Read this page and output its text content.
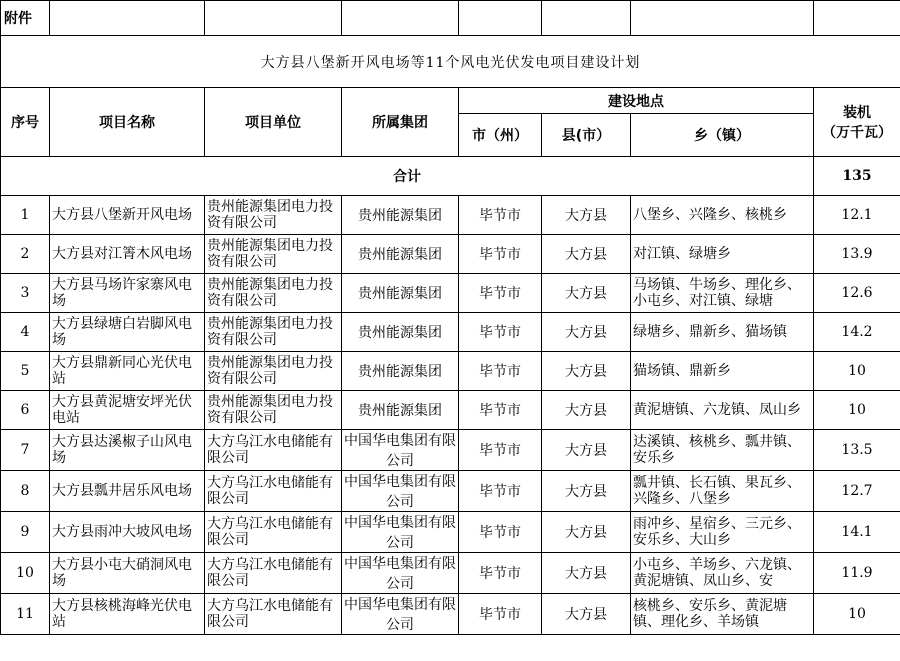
附件							
大方县八堡新开风电场等11个风电光伏发电项目建设计划							
序号	项目名称	项目单位	所属集团	建设地点			装机
（万千瓦）

				市（州）	县(市）	乡（镇）	
合计							135
1	大方县八堡新开风电场	贵州能源集团电力投资有限公司	贵州能源集团	毕节市	大方县	八堡乡、兴隆乡、核桃乡	12.1
2	大方县对江箐木风电场	贵州能源集团电力投资有限公司	贵州能源集团	毕节市	大方县	对江镇、绿塘乡	13.9
3	大方县马场许家寨风电场	贵州能源集团电力投资有限公司	贵州能源集团	毕节市	大方县	马场镇、牛场乡、理化乡、小屯乡、对江镇、绿塘	12.6
4	大方县绿塘白岩脚风电场	贵州能源集团电力投资有限公司	贵州能源集团	毕节市	大方县	绿塘乡、鼎新乡、猫场镇	14.2
5	大方县鼎新同心光伏电站	贵州能源集团电力投资有限公司	贵州能源集团	毕节市	大方县	猫场镇、鼎新乡	10
6	大方县黄泥塘安坪光伏电站	贵州能源集团电力投资有限公司	贵州能源集团	毕节市	大方县	黄泥塘镇、六龙镇、凤山乡	10
7	大方县达溪椒子山风电场	大方乌江水电储能有限公司	中国华电集团有限公司	毕节市	大方县	达溪镇、核桃乡、瓢井镇、安乐乡	13.5
8	大方县瓢井居乐风电场	大方乌江水电储能有限公司	中国华电集团有限公司	毕节市	大方县	瓢井镇、长石镇、果瓦乡、兴隆乡、八堡乡	12.7
9	大方县雨冲大坡风电场	大方乌江水电储能有限公司	中国华电集团有限公司	毕节市	大方县	雨冲乡、星宿乡、三元乡、安乐乡、大山乡	14.1
10	大方县小屯大硝洞风电场	大方乌江水电储能有限公司	中国华电集团有限公司	毕节市	大方县	小屯乡、羊场乡、六龙镇、黄泥塘镇、凤山乡、安	11.9
11	大方县核桃海峰光伏电站	大方乌江水电储能有限公司	中国华电集团有限公司	毕节市	大方县	核桃乡、安乐乡、黄泥塘镇、理化乡、羊场镇	10
